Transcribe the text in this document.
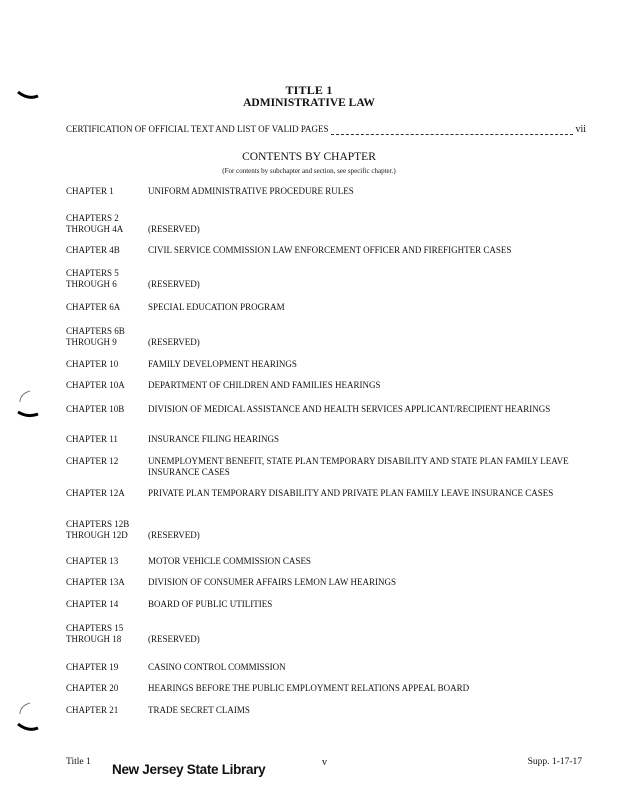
TITLE 1
ADMINISTRATIVE LAW
CERTIFICATION OF OFFICIAL TEXT AND LIST OF VALID PAGES	vii
CONTENTS BY CHAPTER
(For contents by subchapter and section, see specific chapter.)
CHAPTER 1	UNIFORM ADMINISTRATIVE PROCEDURE RULES
CHAPTERS 2
THROUGH 4A	(RESERVED)
CHAPTER 4B	CIVIL SERVICE COMMISSION LAW ENFORCEMENT OFFICER AND FIREFIGHTER CASES
CHAPTERS 5
THROUGH 6	(RESERVED)
CHAPTER 6A	SPECIAL EDUCATION PROGRAM
CHAPTERS 6B
THROUGH 9	(RESERVED)
CHAPTER 10	FAMILY DEVELOPMENT HEARINGS
CHAPTER 10A	DEPARTMENT OF CHILDREN AND FAMILIES HEARINGS
CHAPTER 10B	DIVISION OF MEDICAL ASSISTANCE AND HEALTH SERVICES APPLICANT/RECIPIENT HEARINGS
CHAPTER 11	INSURANCE FILING HEARINGS
CHAPTER 12	UNEMPLOYMENT BENEFIT, STATE PLAN TEMPORARY DISABILITY AND STATE PLAN FAMILY LEAVE INSURANCE CASES
CHAPTER 12A	PRIVATE PLAN TEMPORARY DISABILITY AND PRIVATE PLAN FAMILY LEAVE INSURANCE CASES
CHAPTERS 12B
THROUGH 12D	(RESERVED)
CHAPTER 13	MOTOR VEHICLE COMMISSION CASES
CHAPTER 13A	DIVISION OF CONSUMER AFFAIRS LEMON LAW HEARINGS
CHAPTER 14	BOARD OF PUBLIC UTILITIES
CHAPTERS 15
THROUGH 18	(RESERVED)
CHAPTER 19	CASINO CONTROL COMMISSION
CHAPTER 20	HEARINGS BEFORE THE PUBLIC EMPLOYMENT RELATIONS APPEAL BOARD
CHAPTER 21	TRADE SECRET CLAIMS
Title 1 New Jersey State Library	v	Supp. 1-17-17
